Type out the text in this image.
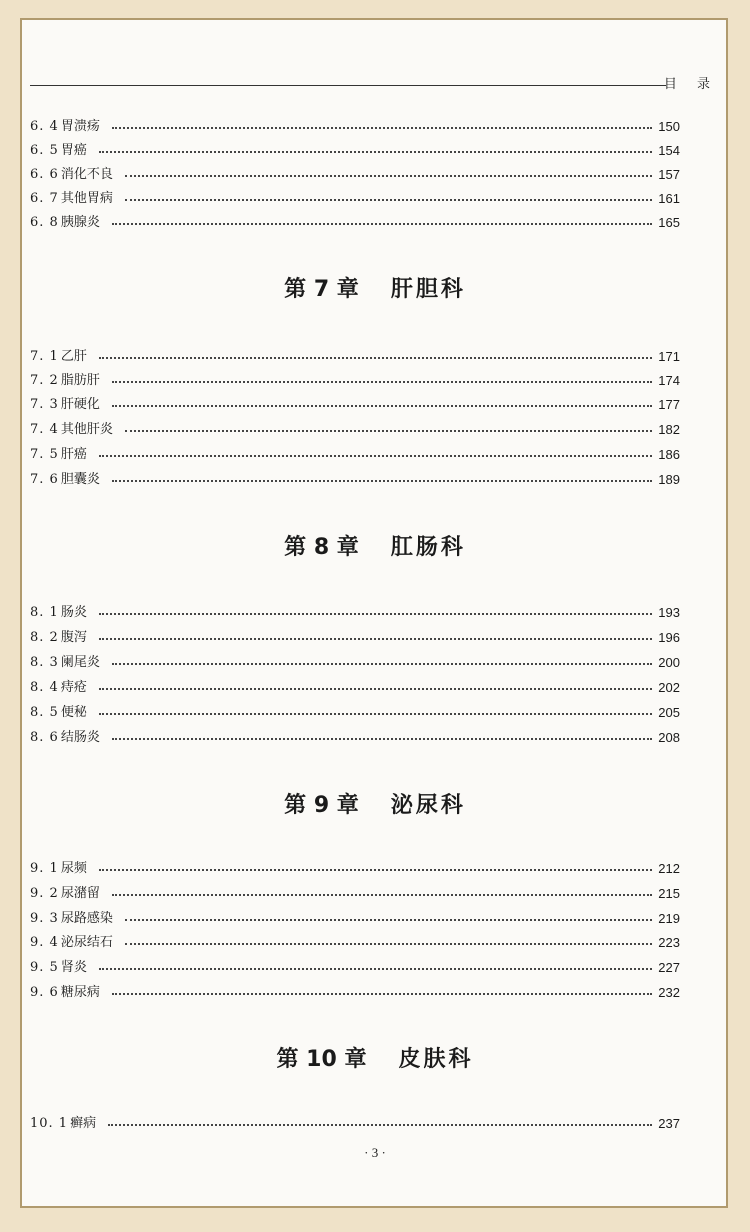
目 录
6. 4 胃溃疡	150
6. 5 胃癌	154
6. 6 消化不良	157
6. 7 其他胃病	161
6. 8 胰腺炎	165
第 7 章 肝胆科
7. 1 乙肝	171
7. 2 脂肪肝	174
7. 3 肝硬化	177
7. 4 其他肝炎	182
7. 5 肝癌	186
7. 6 胆囊炎	189
第 8 章 肛肠科
8. 1 肠炎	193
8. 2 腹泻	196
8. 3 阑尾炎	200
8. 4 痔疮	202
8. 5 便秘	205
8. 6 结肠炎	208
第 9 章 泌尿科
9. 1 尿频	212
9. 2 尿潴留	215
9. 3 尿路感染	219
9. 4 泌尿结石	223
9. 5 肾炎	227
9. 6 糖尿病	232
第 10 章 皮肤科
10. 1 癣病	237
· 3 ·
